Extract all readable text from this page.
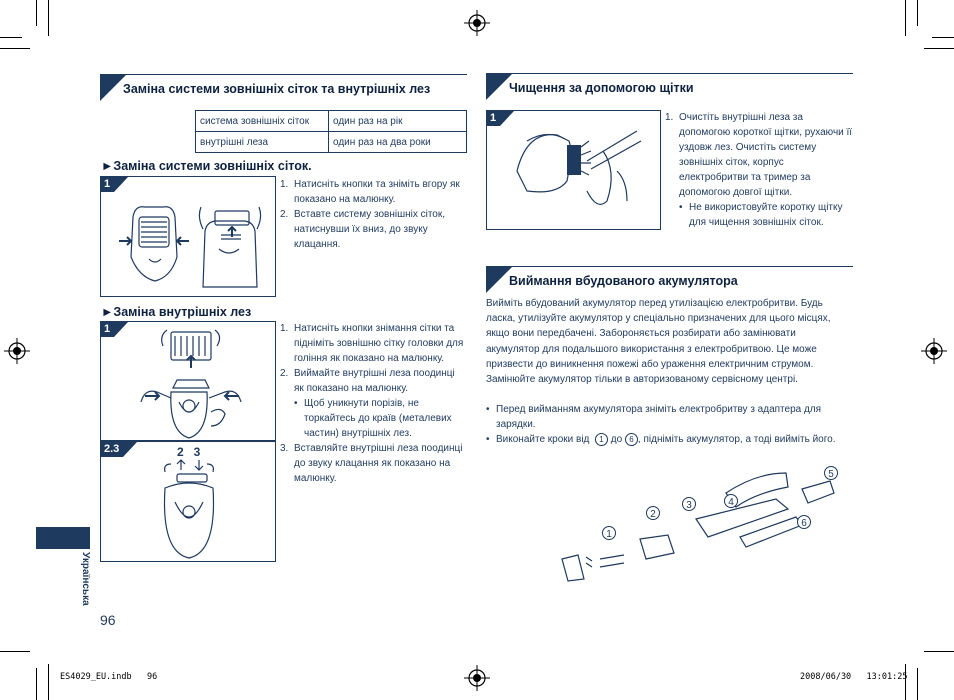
Заміна системи зовнішніх сіток та внутрішніх лез
система зовнішніх сіток	один раз на рік
внутрішні леза	один раз на два роки
►Заміна системи зовнішніх сіток.
1	1. Натисніть кнопки та зніміть вгору як показано на малюнку.
2. Вставте систему зовнішніх сіток, натиснувши їх вниз, до звуку клацання.
►Заміна внутрішніх лез
1
2.3	2   3
1. Натисніть кнопки знімання сітки та підніміть зовнішню сітку головки для гоління як показано на малюнку.
2. Виймайте внутрішні леза поодинці як показано на малюнку.
• Щоб уникнути порізів, не торкайтесь до країв (металевих частин) внутрішніх лез.
3. Вставляйте внутрішні леза поодинці до звуку клацання як показано на малюнку.
Українська
96
Чищення за допомогою щітки
1	1. Очистіть внутрішні леза за допомогою короткої щітки, рухаючи її уздовж лез. Очистіть систему зовнішніх сіток, корпус електробритви та тример за допомогою довгої щітки.
• Не використовуйте коротку щітку для чищення зовнішніх сіток.
Виймання вбудованого акумулятора
Вийміть вбудований акумулятор перед утилізацією електробритви. Будь ласка, утилізуйте акумулятор у спеціально призначених для цього місцях, якщо вони передбачені. Забороняється розбирати або замінювати акумулятор для подальшого використання з електробритвою. Це може призвести до виникнення пожежі або ураження електричним струмом. Замінюйте акумулятор тільки в авторизованому сервісному центрі.
• Перед вийманням акумулятора зніміть електробритву з адаптера для зарядки.
• Виконайте кроки від 1 до 6 , підніміть акумулятор, а тоді вийміть його.
1
2
3	4
5
6
ES4029_EU.indb   96	2008/06/30   13:01:25
